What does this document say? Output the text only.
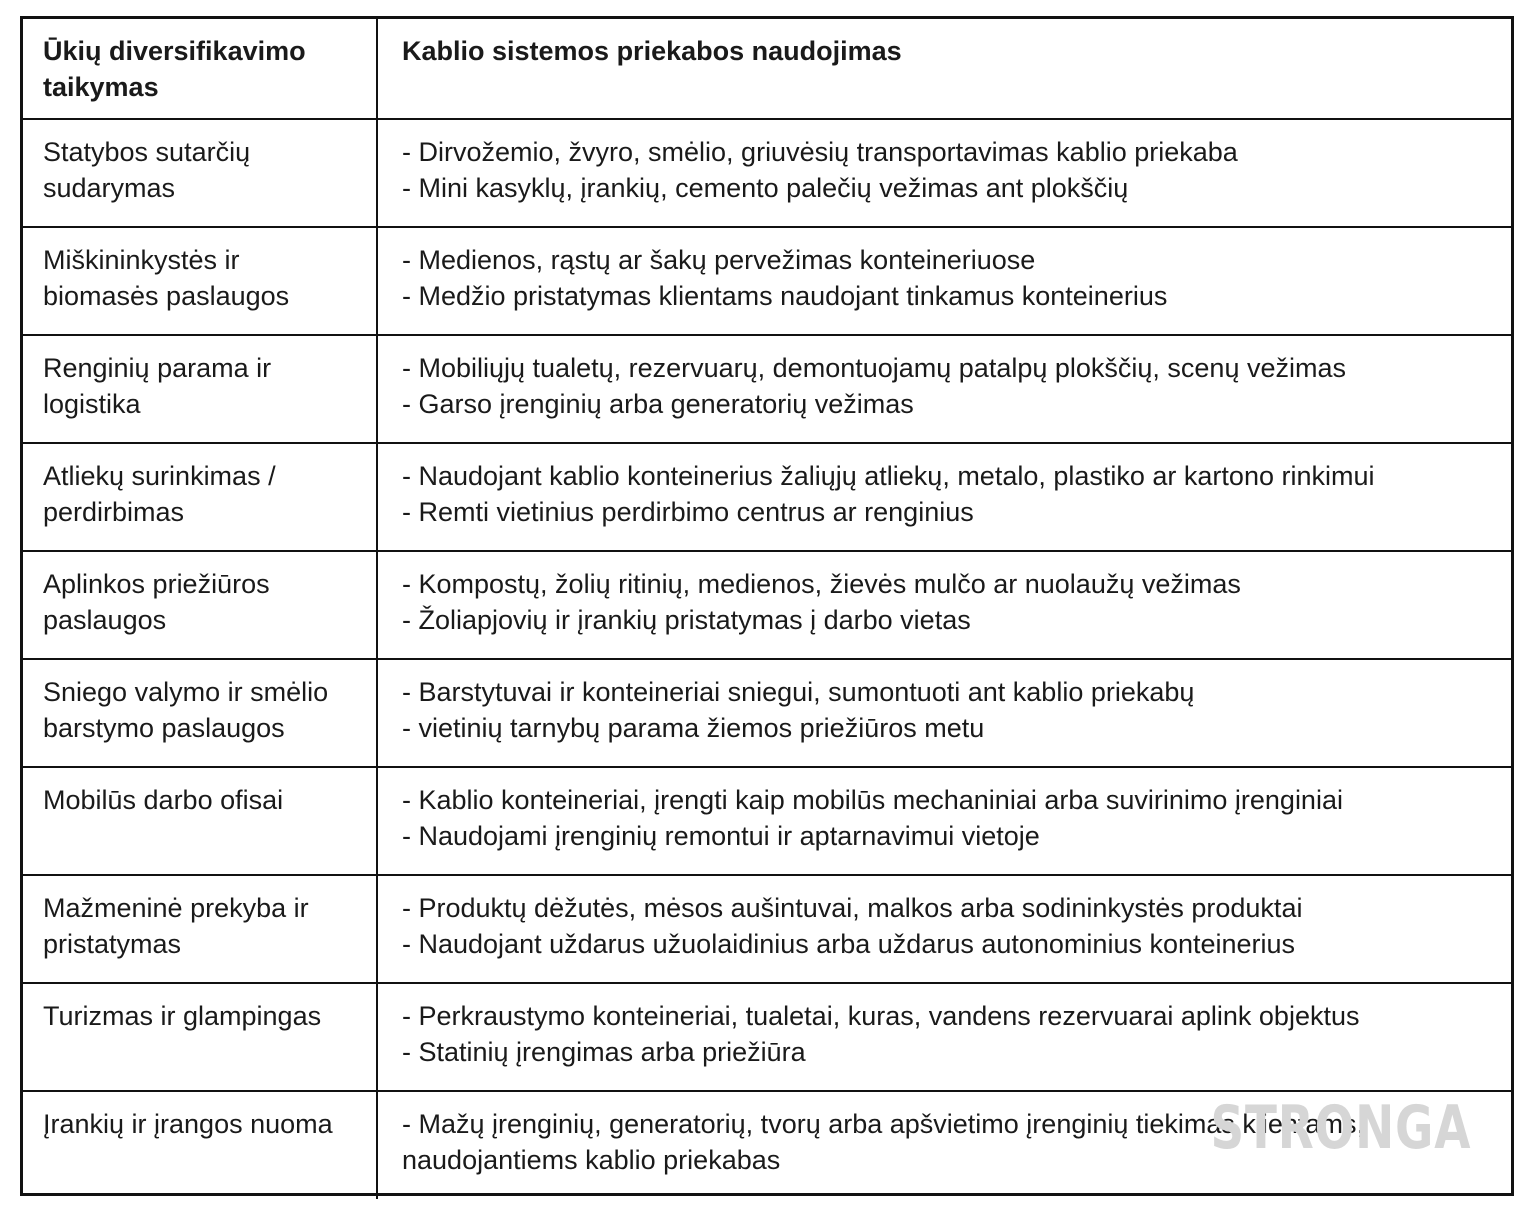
Ūkių diversifikavimo taikymas	Kablio sistemos priekabos naudojimas
Statybos sutarčių sudarymas	- Dirvožemio, žvyro, smėlio, griuvėsių transportavimas kablio priekaba
- Mini kasyklų, įrankių, cemento palečių vežimas ant plokščių

Miškininkystės ir biomasės paslaugos	- Medienos, rąstų ar šakų pervežimas konteineriuose
- Medžio pristatymas klientams naudojant tinkamus konteinerius

Renginių parama ir logistika	- Mobiliųjų tualetų, rezervuarų, demontuojamų patalpų plokščių, scenų vežimas
- Garso įrenginių arba generatorių vežimas

Atliekų surinkimas / perdirbimas	- Naudojant kablio konteinerius žaliųjų atliekų, metalo, plastiko ar kartono rinkimui
- Remti vietinius perdirbimo centrus ar renginius

Aplinkos priežiūros paslaugos	- Kompostų, žolių ritinių, medienos, žievės mulčo ar nuolaužų vežimas
- Žoliapjovių ir įrankių pristatymas į darbo vietas

Sniego valymo ir smėlio barstymo paslaugos	- Barstytuvai ir konteineriai sniegui, sumontuoti ant kablio priekabų
- vietinių tarnybų parama žiemos priežiūros metu

Mobilūs darbo ofisai	- Kablio konteineriai, įrengti kaip mobilūs mechaniniai arba suvirinimo įrenginiai
- Naudojami įrenginių remontui ir aptarnavimui vietoje

Mažmeninė prekyba ir pristatymas	- Produktų dėžutės, mėsos aušintuvai, malkos arba sodininkystės produktai
- Naudojant uždarus užuolaidinius arba uždarus autonominius konteinerius

Turizmas ir glampingas	- Perkraustymo konteineriai, tualetai, kuras, vandens rezervuarai aplink objektus
- Statinių įrengimas arba priežiūra

Įrankių ir įrangos nuoma	- Mažų įrenginių, generatorių, tvorų arba apšvietimo įrenginių tiekimas klientams, naudojantiems kablio priekabas	STRONGA
